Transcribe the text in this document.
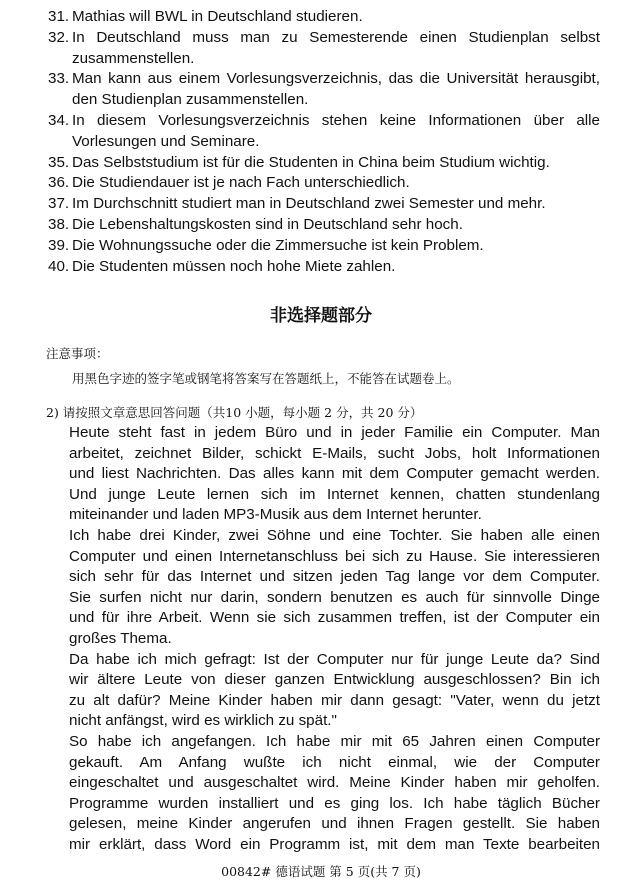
31. Mathias will BWL in Deutschland studieren.
32. In Deutschland muss man zu Semesterende einen Studienplan selbst zusammenstellen.
33. Man kann aus einem Vorlesungsverzeichnis, das die Universität herausgibt, den Studienplan zusammenstellen.
34. In diesem Vorlesungsverzeichnis stehen keine Informationen über alle Vorlesungen und Seminare.
35. Das Selbststudium ist für die Studenten in China beim Studium wichtig.
36. Die Studiendauer ist je nach Fach unterschiedlich.
37. Im Durchschnitt studiert man in Deutschland zwei Semester und mehr.
38. Die Lebenshaltungskosten sind in Deutschland sehr hoch.
39. Die Wohnungssuche oder die Zimmersuche ist kein Problem.
40. Die Studenten müssen noch hohe Miete zahlen.
非选择题部分
注意事项：
用黑色字迹的签字笔或钢笔将答案写在答题纸上，不能答在试题卷上。
2) 请按照文章意思回答问题（共10 小题，每小题 2 分，共 20 分）
Heute steht fast in jedem Büro und in jeder Familie ein Computer. Man
arbeitet, zeichnet Bilder, schickt E-Mails, sucht Jobs, holt Informationen
und liest Nachrichten. Das alles kann mit dem Computer gemacht werden.
Und junge Leute lernen sich im Internet kennen, chatten stundenlang
miteinander und laden MP3-Musik aus dem Internet herunter.
Ich habe drei Kinder, zwei Söhne und eine Tochter. Sie haben alle einen
Computer und einen Internetanschluss bei sich zu Hause. Sie interessieren
sich sehr für das Internet und sitzen jeden Tag lange vor dem Computer.
Sie surfen nicht nur darin, sondern benutzen es auch für sinnvolle Dinge
und für ihre Arbeit. Wenn sie sich zusammen treffen, ist der Computer ein
großes Thema.
Da habe ich mich gefragt: Ist der Computer nur für junge Leute da? Sind
wir ältere Leute von dieser ganzen Entwicklung ausgeschlossen? Bin ich
zu alt dafür? Meine Kinder haben mir dann gesagt: "Vater, wenn du jetzt
nicht anfängst, wird es wirklich zu spät."
So habe ich angefangen. Ich habe mir mit 65 Jahren einen Computer
gekauft. Am Anfang wußte ich nicht einmal, wie der Computer
eingeschaltet und ausgeschaltet wird. Meine Kinder haben mir geholfen.
Programme wurden installiert und es ging los. Ich habe täglich Bücher
gelesen, meine Kinder angerufen und ihnen Fragen gestellt. Sie haben
mir erklärt, dass Word ein Programm ist, mit dem man Texte bearbeiten
00842# 德语试题 第 5 页(共 7 页)
